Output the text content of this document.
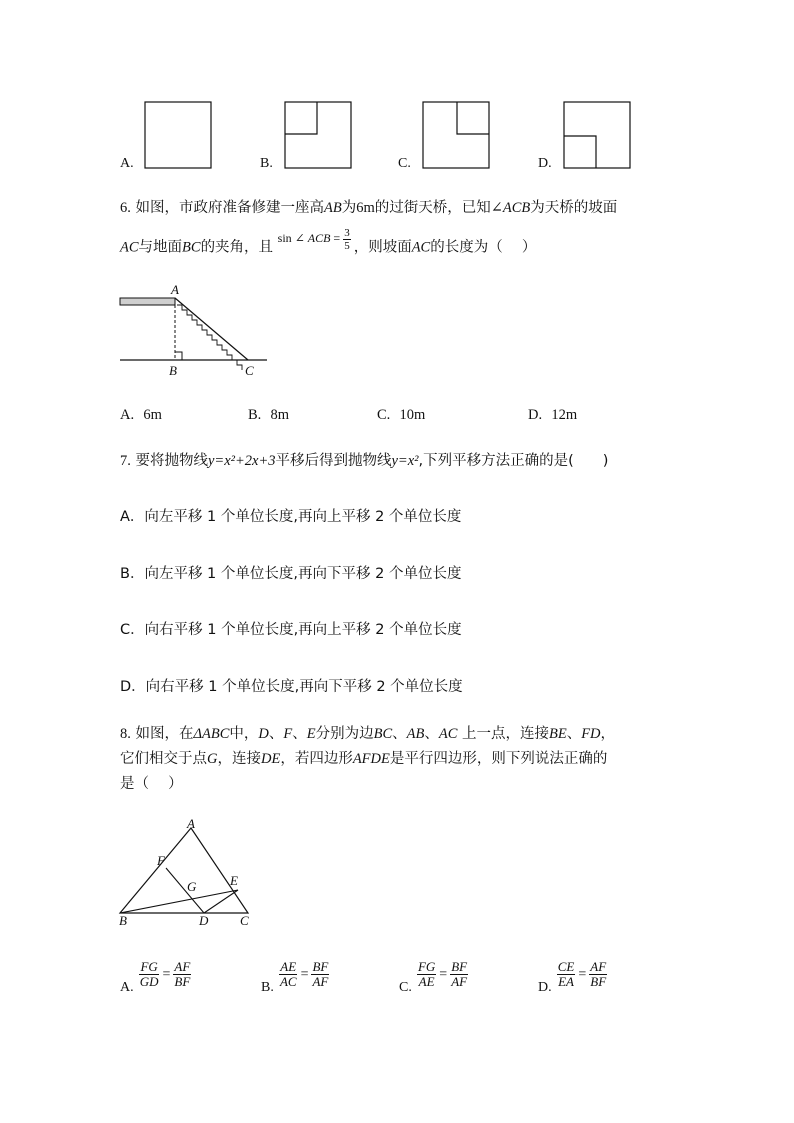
A.	B.	C.	D.
6. 如图，市政府准备修建一座高AB为6m的过街天桥，已知∠ACB为天桥的坡面
AC与地面BC的夹角，且 $^{sin \angle ACB = \frac{3}{5}}$ ，则坡面AC的长度为（　 ）
A
B	C
A. 6m	B. 8m	C. 10m	D. 12m
7. 要将抛物线y=x²+2x+3平移后得到抛物线y=x²,下列平移方法正确的是(　　)
A．向左平移 1 个单位长度,再向上平移 2 个单位长度
B．向左平移 1 个单位长度,再向下平移 2 个单位长度
C．向右平移 1 个单位长度,再向上平移 2 个单位长度
D．向右平移 1 个单位长度,再向下平移 2 个单位长度
8. 如图，在ΔABC中，D、F、E分别为边BC、AB、AC 上一点，连接BE、FD，
它们相交于点G，连接DE，若四边形AFDE是平行四边形，则下列说法正确的
是（　 ）
A
B	C
D
E
F
G
A. $\frac{FG}{GD} = \frac{AF}{BF}$	B. $\frac{AE}{AC} = \frac{BF}{AF}$	C. $\frac{FG}{AE} = \frac{BF}{AF}$	D. $\frac{CE}{EA} = \frac{AF}{BF}$
